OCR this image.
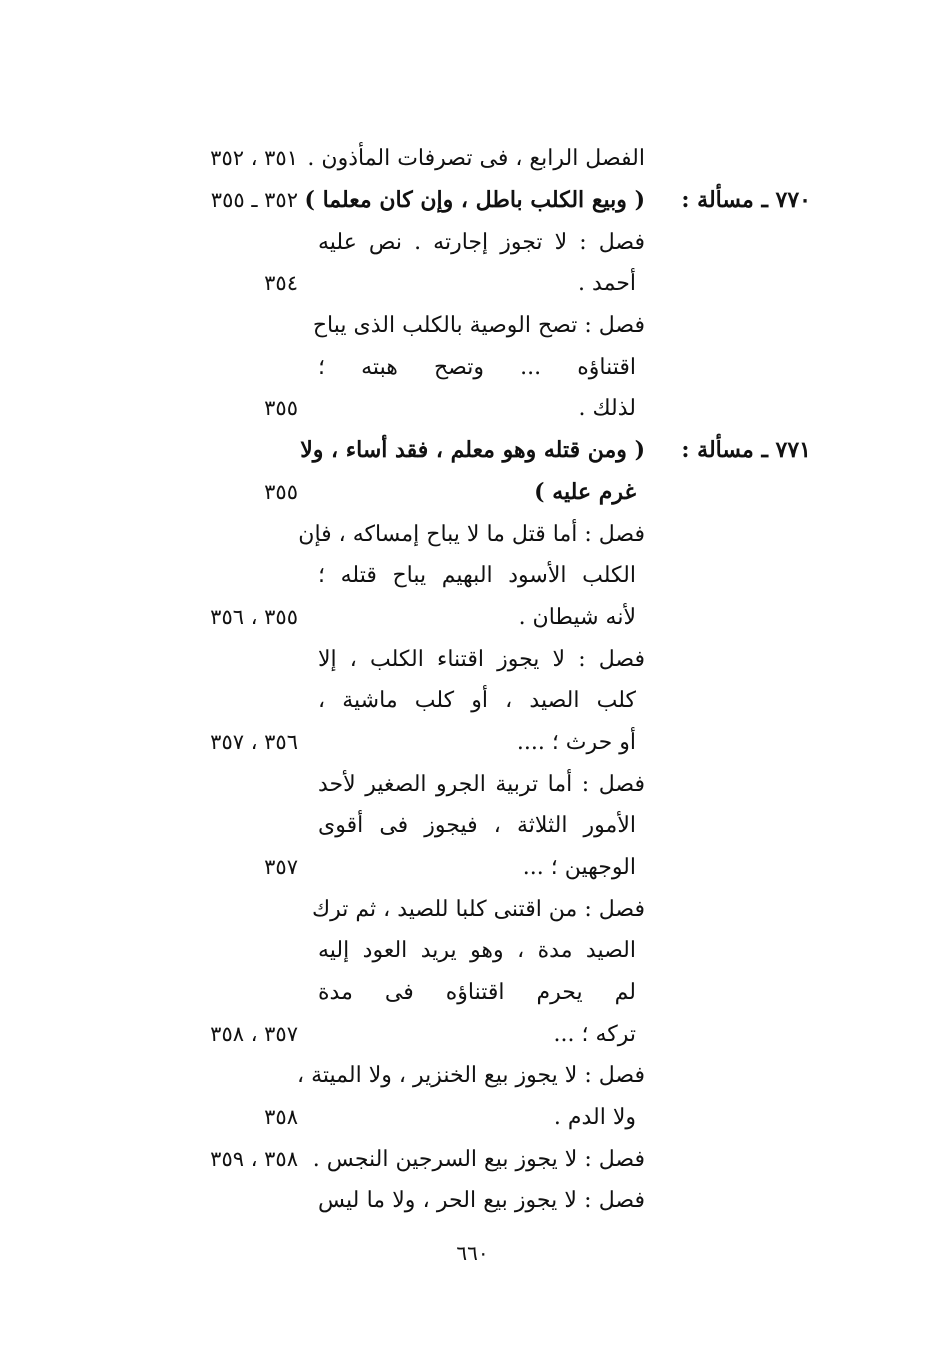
الفصل الرابع ، فى تصرفات المأذون .
٣٥١ ، ٣٥٢
٧٧٠ ـ مسألة :
( وبيع الكلب باطل ، وإن كان معلما )
٣٥٢ ـ ٣٥٥
فصل : لا تجوز إجارته . نص عليه
أحمد .
٣٥٤
فصل : تصح الوصية بالكلب الذى يباح
اقتناؤه ... وتصح هبته ؛
لذلك .
٣٥٥
٧٧١ ـ مسألة :
( ومن قتله وهو معلم ، فقد أساء ، ولا
غرم عليه )
٣٥٥
فصل : أما قتل ما لا يباح إمساكه ، فإن
الكلب الأسود البهيم يباح قتله ؛
لأنه شيطان .
٣٥٥ ، ٣٥٦
فصل : لا يجوز اقتناء الكلب ، إلا
كلب الصيد ، أو كلب ماشية ،
أو حرث ؛ ....
٣٥٦ ، ٣٥٧
فصل : أما تربية الجرو الصغير لأحد
الأمور الثلاثة ، فيجوز فى أقوى
الوجهين ؛ ...
٣٥٧
فصل : من اقتنى كلبا للصيد ، ثم ترك
الصيد مدة ، وهو يريد العود إليه
لم يحرم اقتناؤه فى مدة
تركه ؛ ...
٣٥٧ ، ٣٥٨
فصل : لا يجوز بيع الخنزير ، ولا الميتة ،
ولا الدم .
٣٥٨
فصل : لا يجوز بيع السرجين النجس .
٣٥٨ ، ٣٥٩
فصل : لا يجوز بيع الحر ، ولا ما ليس
٦٦٠
